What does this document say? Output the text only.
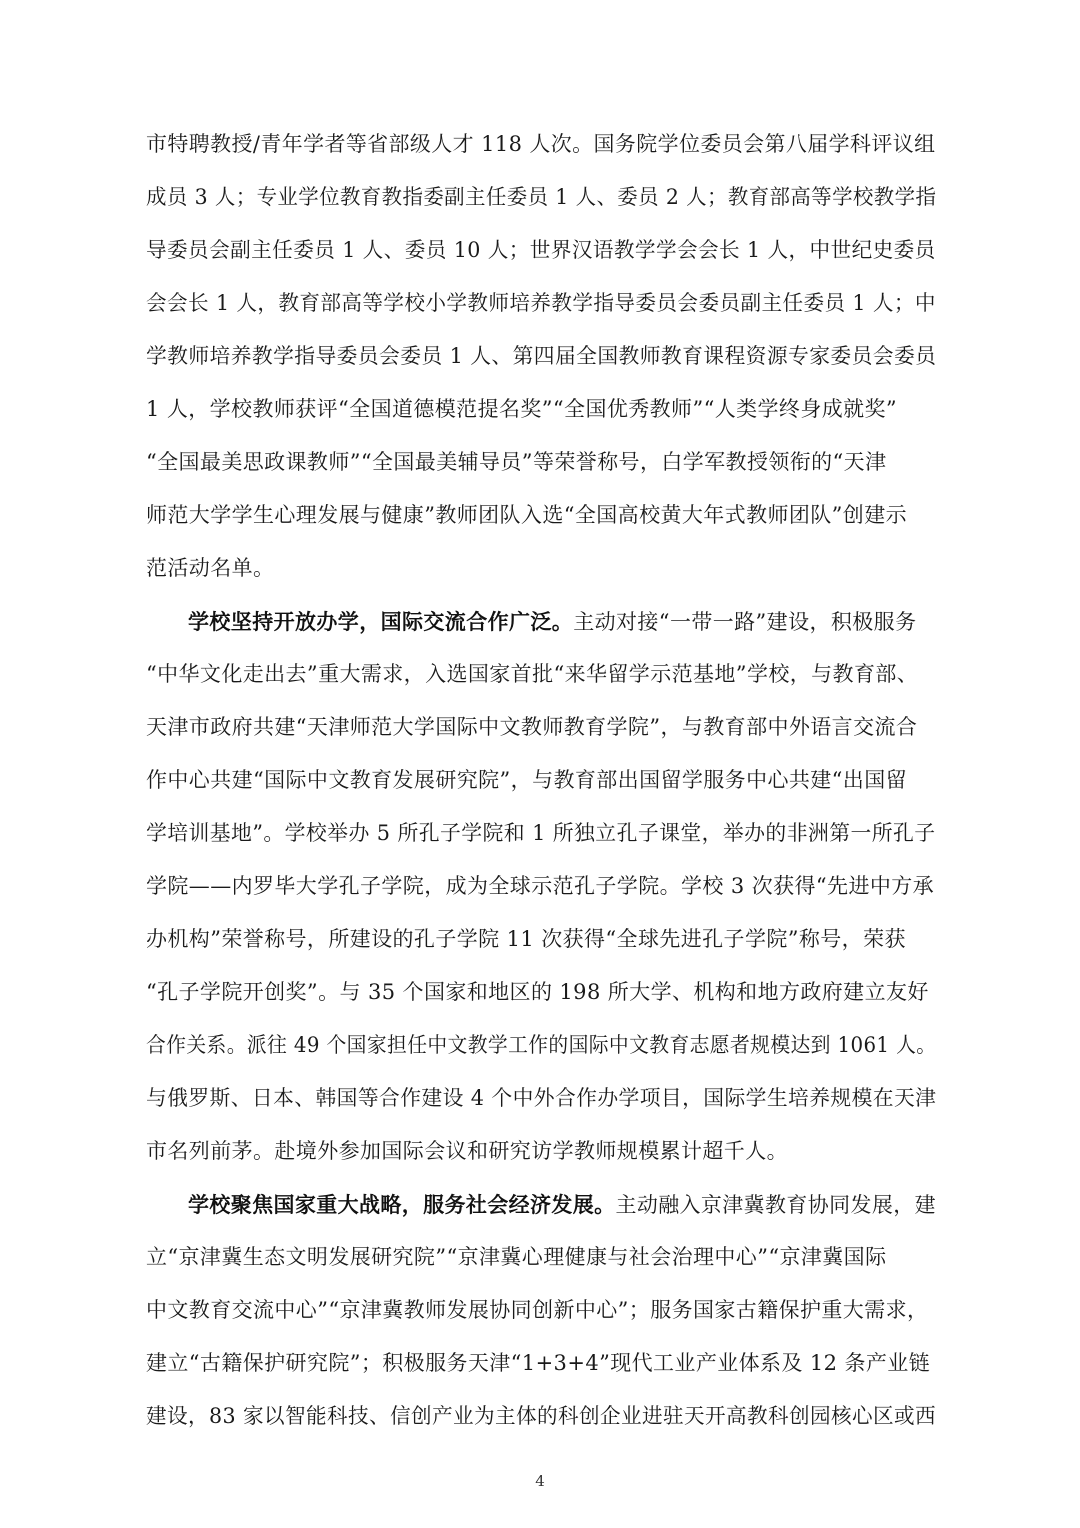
市特聘教授/青年学者等省部级人才 118 人次。国务院学位委员会第八届学科评议组
成员 3 人；专业学位教育教指委副主任委员 1 人、委员 2 人；教育部高等学校教学指
导委员会副主任委员 1 人、委员 10 人；世界汉语教学学会会长 1 人，中世纪史委员
会会长 1 人，教育部高等学校小学教师培养教学指导委员会委员副主任委员 1 人；中
学教师培养教学指导委员会委员 1 人、第四届全国教师教育课程资源专家委员会委员
1 人，学校教师获评“全国道德模范提名奖”“全国优秀教师”“人类学终身成就奖”
“全国最美思政课教师”“全国最美辅导员”等荣誉称号，白学军教授领衔的“天津
师范大学学生心理发展与健康”教师团队入选“全国高校黄大年式教师团队”创建示
范活动名单。
学校坚持开放办学，国际交流合作广泛。主动对接“一带一路”建设，积极服务
“中华文化走出去”重大需求，入选国家首批“来华留学示范基地”学校，与教育部、
天津市政府共建“天津师范大学国际中文教师教育学院”，与教育部中外语言交流合
作中心共建“国际中文教育发展研究院”，与教育部出国留学服务中心共建“出国留
学培训基地”。学校举办 5 所孔子学院和 1 所独立孔子课堂，举办的非洲第一所孔子
学院——内罗毕大学孔子学院，成为全球示范孔子学院。学校 3 次获得“先进中方承
办机构”荣誉称号，所建设的孔子学院 11 次获得“全球先进孔子学院”称号，荣获
“孔子学院开创奖”。与 35 个国家和地区的 198 所大学、机构和地方政府建立友好
合作关系。派往 49 个国家担任中文教学工作的国际中文教育志愿者规模达到 1061 人。
与俄罗斯、日本、韩国等合作建设 4 个中外合作办学项目，国际学生培养规模在天津
市名列前茅。赴境外参加国际会议和研究访学教师规模累计超千人。
学校聚焦国家重大战略，服务社会经济发展。主动融入京津冀教育协同发展，建
立“京津冀生态文明发展研究院”“京津冀心理健康与社会治理中心”“京津冀国际
中文教育交流中心”“京津冀教师发展协同创新中心”；服务国家古籍保护重大需求，
建立“古籍保护研究院”；积极服务天津“1+3+4”现代工业产业体系及 12 条产业链
建设，83 家以智能科技、信创产业为主体的科创企业进驻天开高教科创园核心区或西
4
